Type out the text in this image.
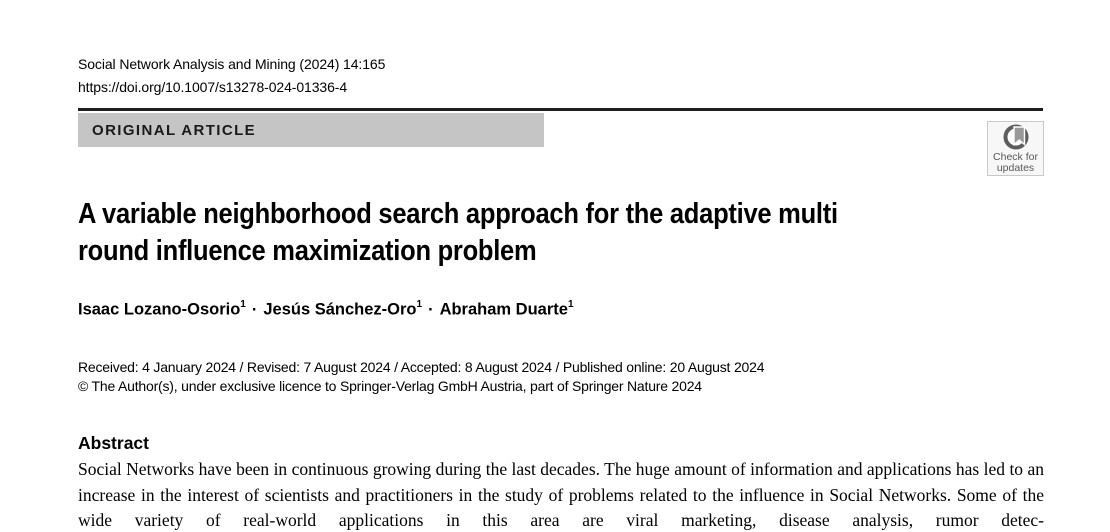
Social Network Analysis and Mining (2024) 14:165
https://doi.org/10.1007/s13278-024-01336-4
ORIGINAL ARTICLE
Check for
updates
A variable neighborhood search approach for the adaptive multi round influence maximization problem
Isaac Lozano-Osorio$^1$ · Jesús Sánchez-Oro$^1$ · Abraham Duarte$^1$
Received: 4 January 2024 / Revised: 7 August 2024 / Accepted: 8 August 2024 / Published online: 20 August 2024
© The Author(s), under exclusive licence to Springer-Verlag GmbH Austria, part of Springer Nature 2024
Abstract
Social Networks have been in continuous growing during the last decades. The huge amount of information and applications has led to an increase in the interest of scientists and practitioners in the study of problems related to the influence in Social Networks. Some of the wide variety of real-world applications in this area are viral marketing, disease analysis, rumor detec-
